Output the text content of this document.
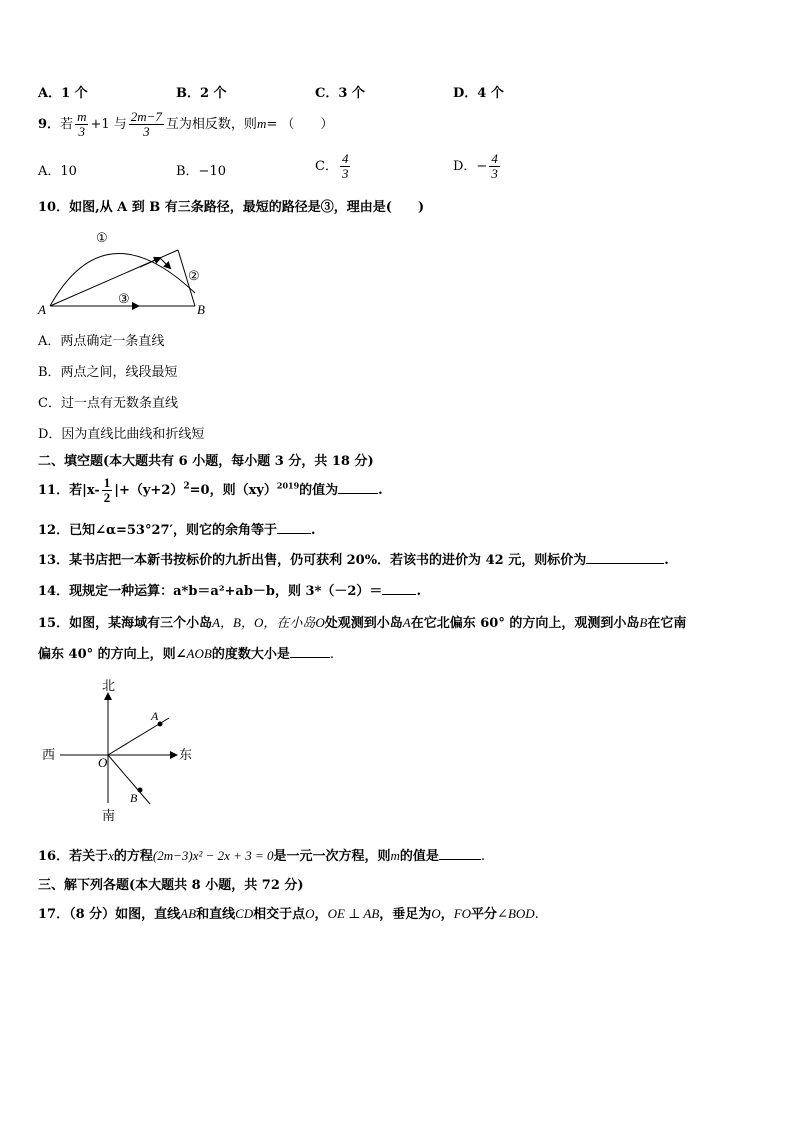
A．1 个	B．2 个	C．3 个	D．4 个
9．若 $\frac{m}{3} +1$ 与 $\frac{2m-7}{3}$ 互为相反数，则m= （　　）
A．10	B．−10	C． $\frac{4}{3}$	D．− $\frac{4}{3}$
10．如图,从 A 到 B 有三条路径，最短的路径是③，理由是(　　)
A	B
①
②
③
A．两点确定一条直线
B．两点之间，线段最短
C．过一点有无数条直线
D．因为直线比曲线和折线短
二、填空题(本大题共有 6 小题，每小题 3 分，共 18 分)
11．若$|x- \frac{1}{2} |+(y+2)^2=0$，则（xy）$^{2019}$的值为	.
12．已知∠α=53°27′，则它的余角等于	.
13．某书店把一本新书按标价的九折出售，仍可获利 20%．若该书的进价为 42 元，则标价为	.
14．现规定一种运算：a*b＝a²+ab－b，则 3*（－2）＝	.
15．如图，某海域有三个小岛A，B，O，在小岛O处观测到小岛A在它北偏东 60° 的方向上，观测到小岛B在它南
偏东 40° 的方向上，则∠AOB的度数大小是	.
北
南
东
西
O
A
B
16．若关于x的方程(2m−3)x² − 2x + 3 = 0是一元一次方程，则m的值是	.
三、解下列各题(本大题共 8 小题，共 72 分)
17．（8 分）如图，直线AB和直线CD相交于点O，OE ⊥ AB，垂足为O，FO平分∠BOD.
